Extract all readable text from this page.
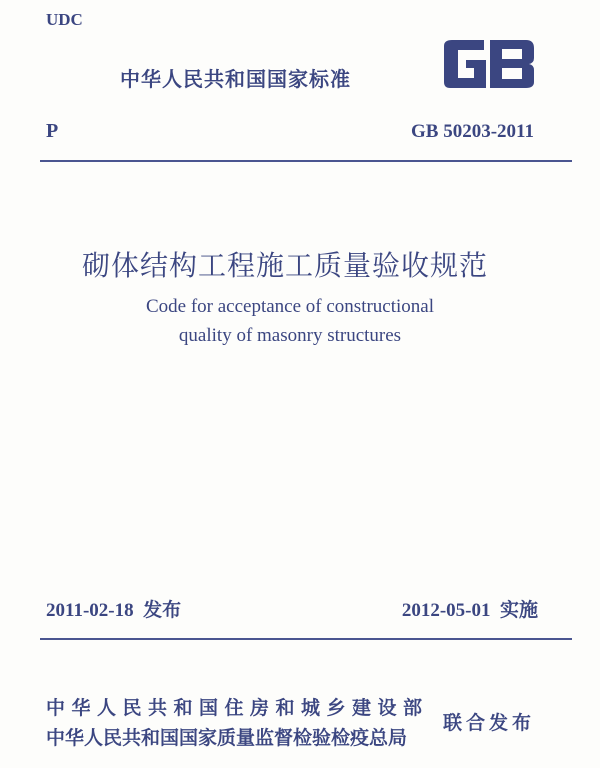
UDC
中华人民共和国国家标准
P	GB 50203-2011
砌体结构工程施工质量验收规范
Code for acceptance of constructional
quality of masonry structures
2011-02-18 发布	2012-05-01 实施
中华人民共和国住房和城乡建设部
中华人民共和国国家质量监督检验检疫总局
联合发布
